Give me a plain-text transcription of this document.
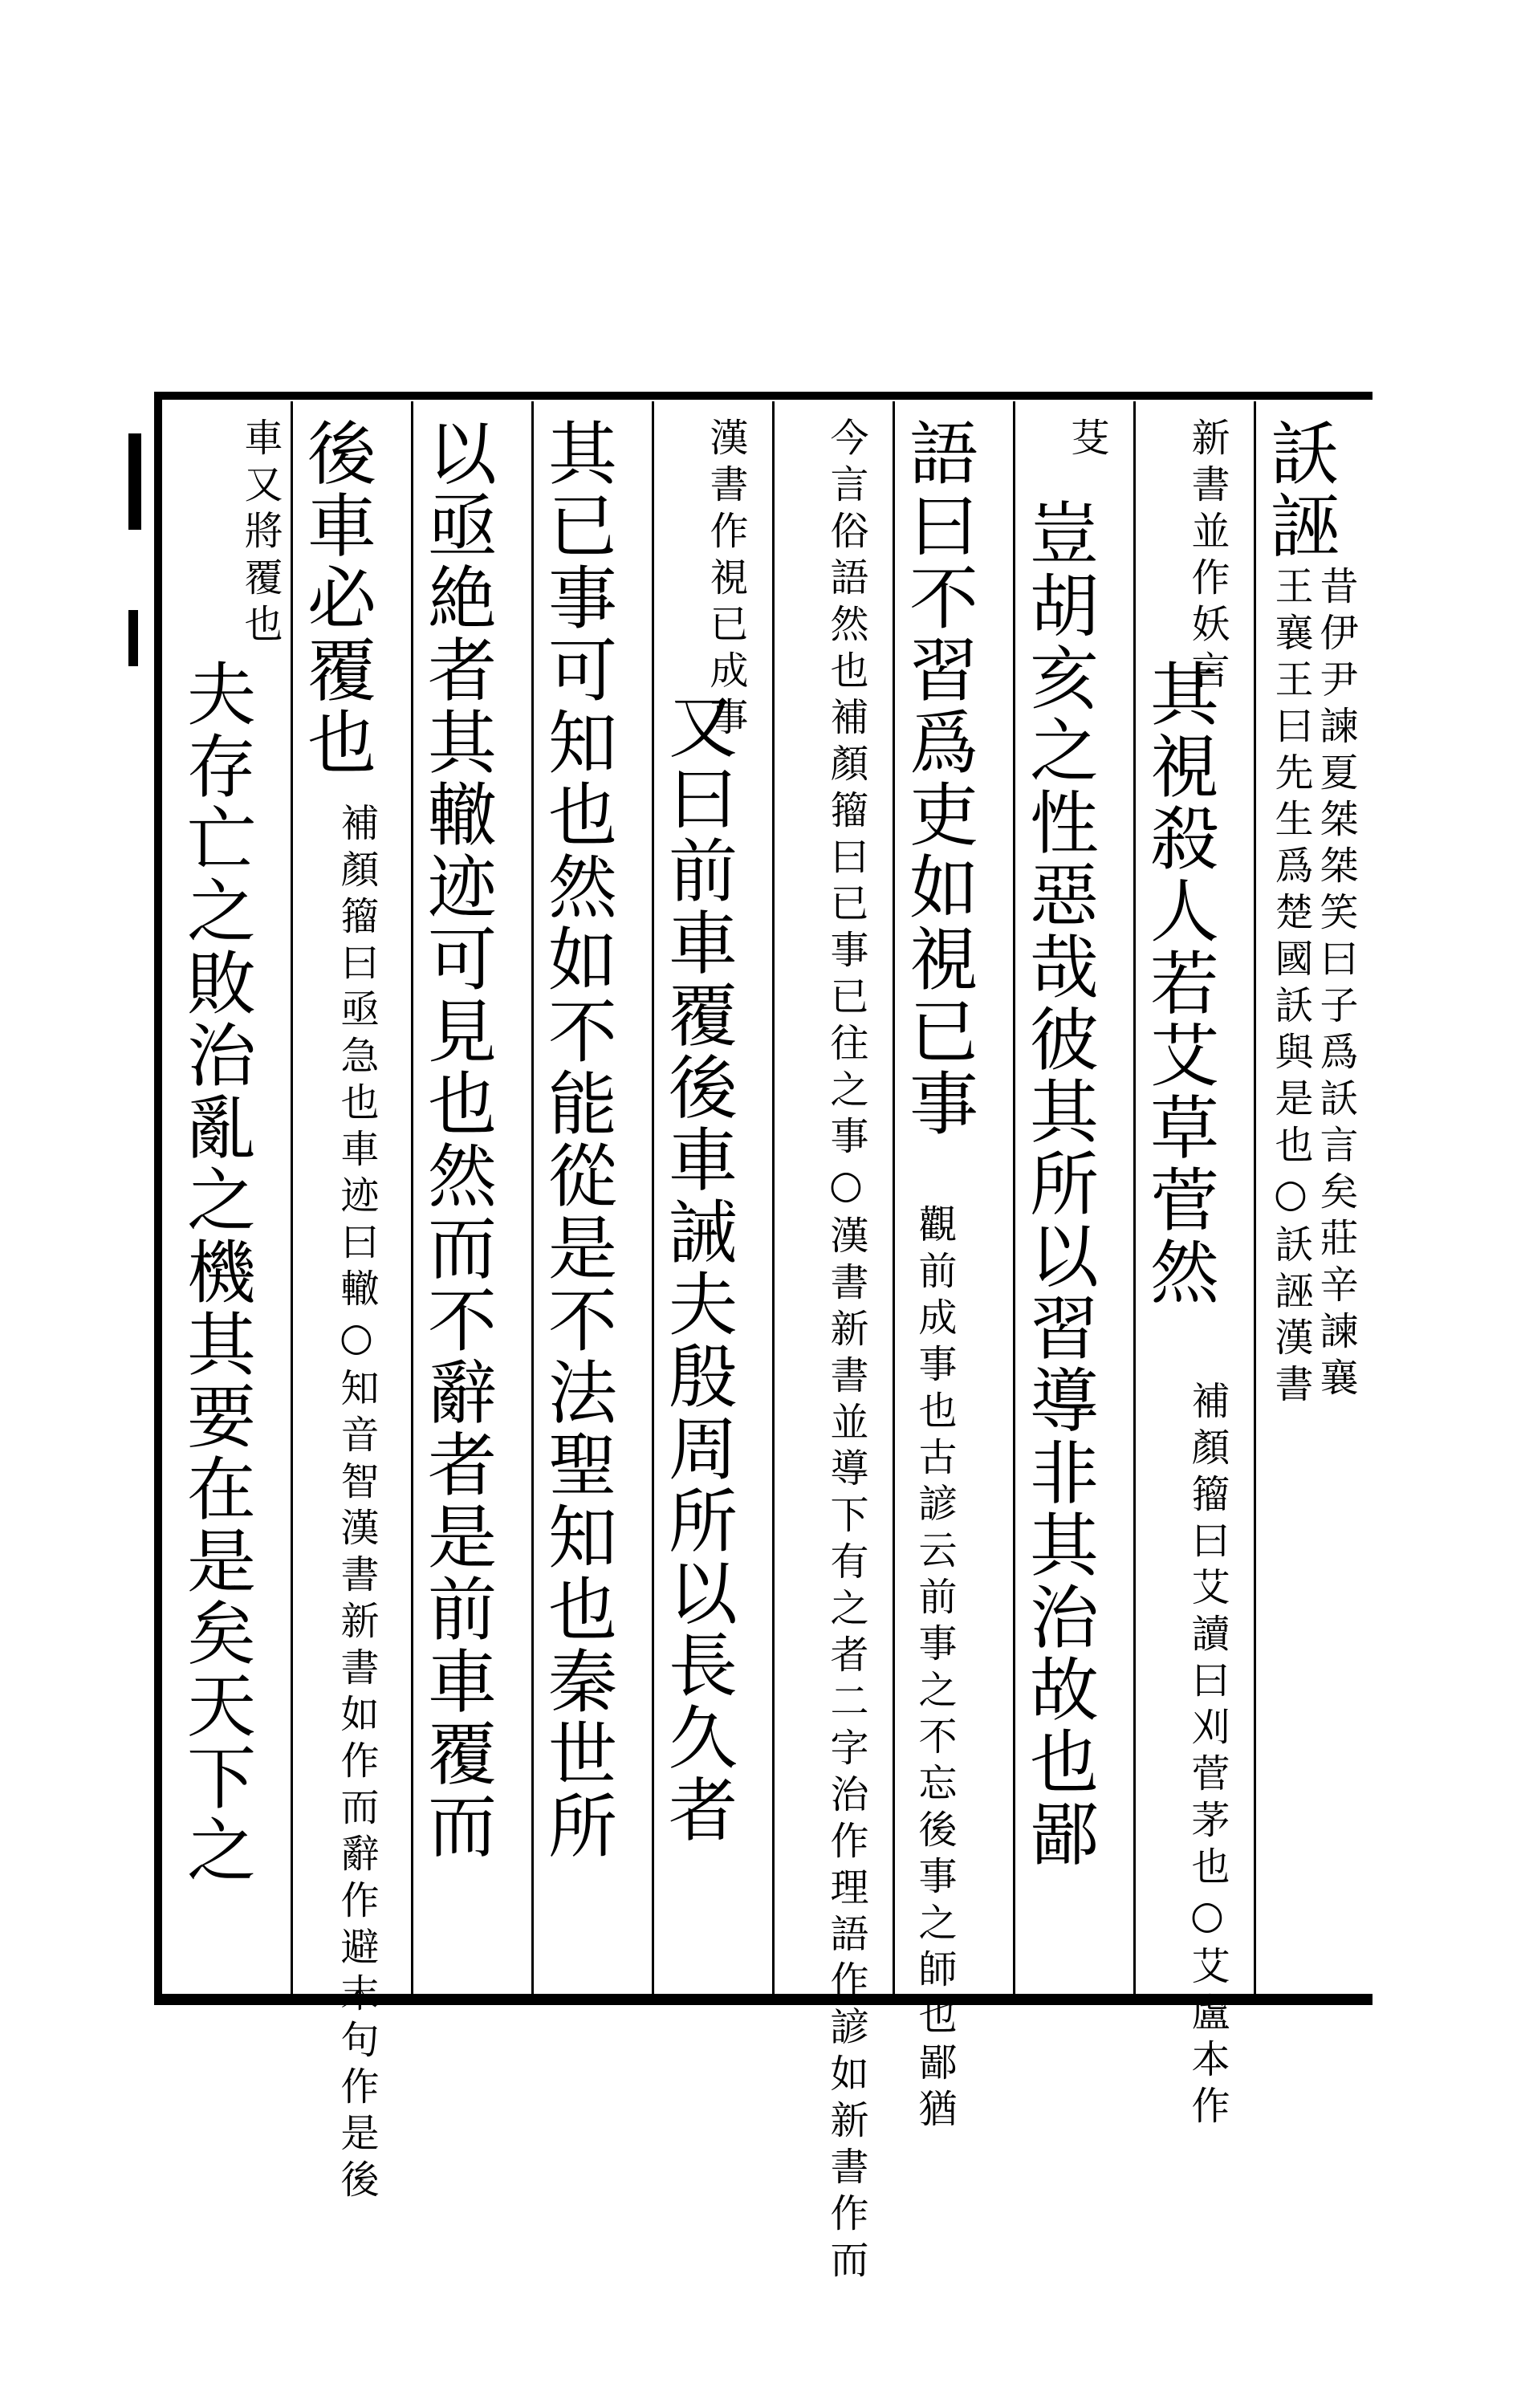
訞誣
昔伊尹諫夏桀桀笑曰子爲訞言矣莊辛諫襄
王襄王曰先生爲楚國訞與是也○訞誣漢書
新書並作妖言
其視殺人若艾草菅然
補顏籀曰艾讀曰刈菅茅也○艾盧本作
芟
豈胡亥之性惡哉彼其所以習導非其治故也鄙
語曰不習爲吏如視已事
觀前成事也古諺云前事之不忘後事之師也鄙猶
今言俗語然也補顏籀曰已事已往之事○漢書新書並導下有之者二字治作理語作諺如新書作而
漢書作視已成事
又曰前車覆後車誡夫殷周所以長久者
其已事可知也然如不能從是不法聖知也秦世所
以亟絶者其轍迹可見也然而不辭者是前車覆而
後車必覆也
補顏籀曰亟急也車迹曰轍○知音智漢書新書如作而辭作避末句作是後
車又將覆也
夫存亡之敗治亂之機其要在是矣天下之
